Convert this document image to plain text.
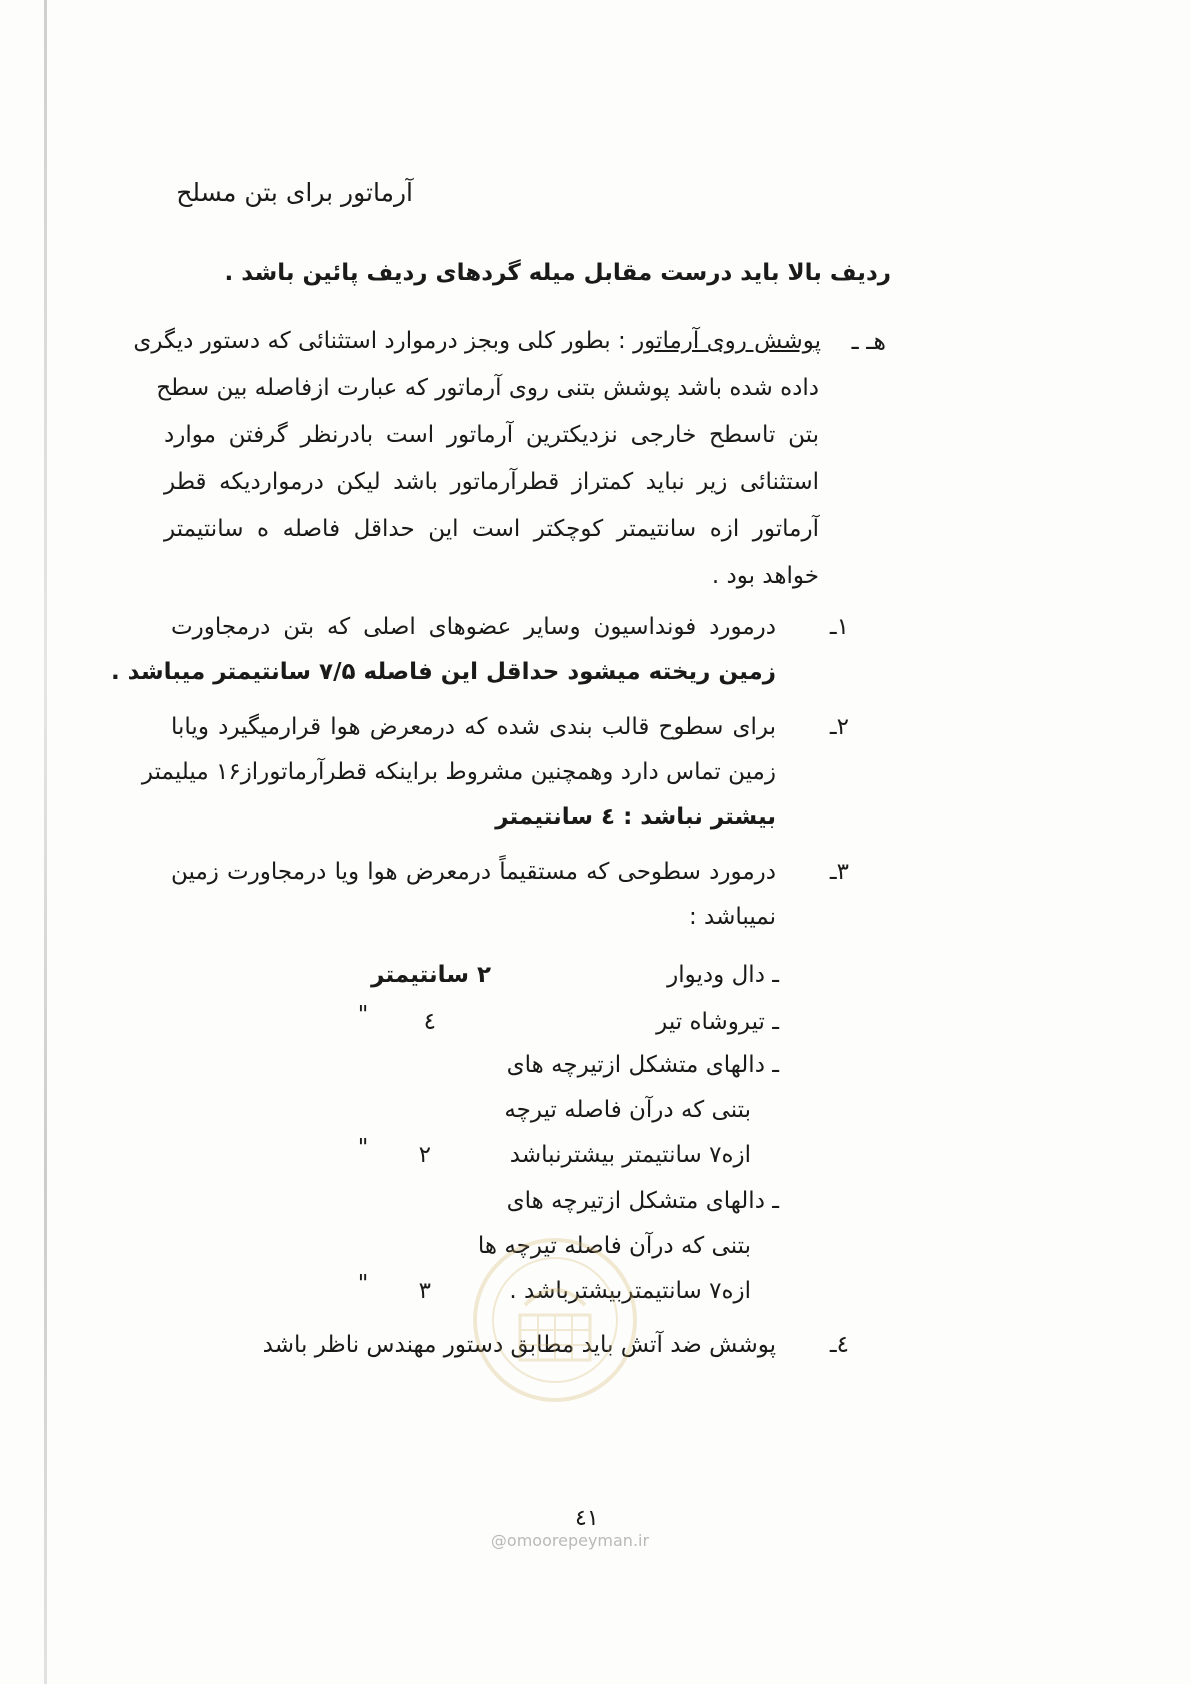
آرماتور برای بتن مسلح
ردیف بالا باید درست مقابل میله گردهای ردیف پائین باشد .
هـ ـ
پوشش روی آرماتور : بطور کلی وبجز درموارد استثنائی که دستور دیگری
داده شده باشد پوشش بتنی روی آرماتور که عبارت ازفاصله بین سطح
بتن تاسطح خارجی نزدیکترین آرماتور است بادرنظر گرفتن موارد
استثنائی زیر نباید کمتراز قطرآرماتور باشد لیکن درمواردیکه قطر
آرماتور ازه سانتیمتر کوچکتر است این حداقل فاصله ه سانتیمتر
خواهد بود .
۱ـ
درمورد فونداسیون وسایر عضوهای اصلی که بتن درمجاورت
زمین ریخته میشود حداقل این فاصله ۷/۵ سانتیمتر میباشد .
۲ـ
برای سطوح قالب بندی شده که درمعرض هوا قرارمیگیرد ویابا
زمین تماس دارد وهمچنین مشروط براینکه قطرآرماتوراز۱۶ میلیمتر
بیشتر نباشد : ٤ سانتیمتر
۳ـ
درمورد سطوحی که مستقیماً درمعرض هوا ویا درمجاورت زمین
نمیباشد :
ـ دال ودیوار
۲ سانتیمتر
ـ تیروشاه تیر
٤
"
ـ دالهای متشکل ازتیرچه های
بتنی که درآن فاصله تیرچه
ازه۷ سانتیمتر بیشترنباشد
۲
"
ـ دالهای متشکل ازتیرچه های
بتنی که درآن فاصله تیرچه ها
ازه۷ سانتیمتربیشترباشد .
۳
"
٤ـ
پوشش ضد آتش باید مطابق دستور مهندس ناظر باشد
٤١
@omoorepeyman.ir
